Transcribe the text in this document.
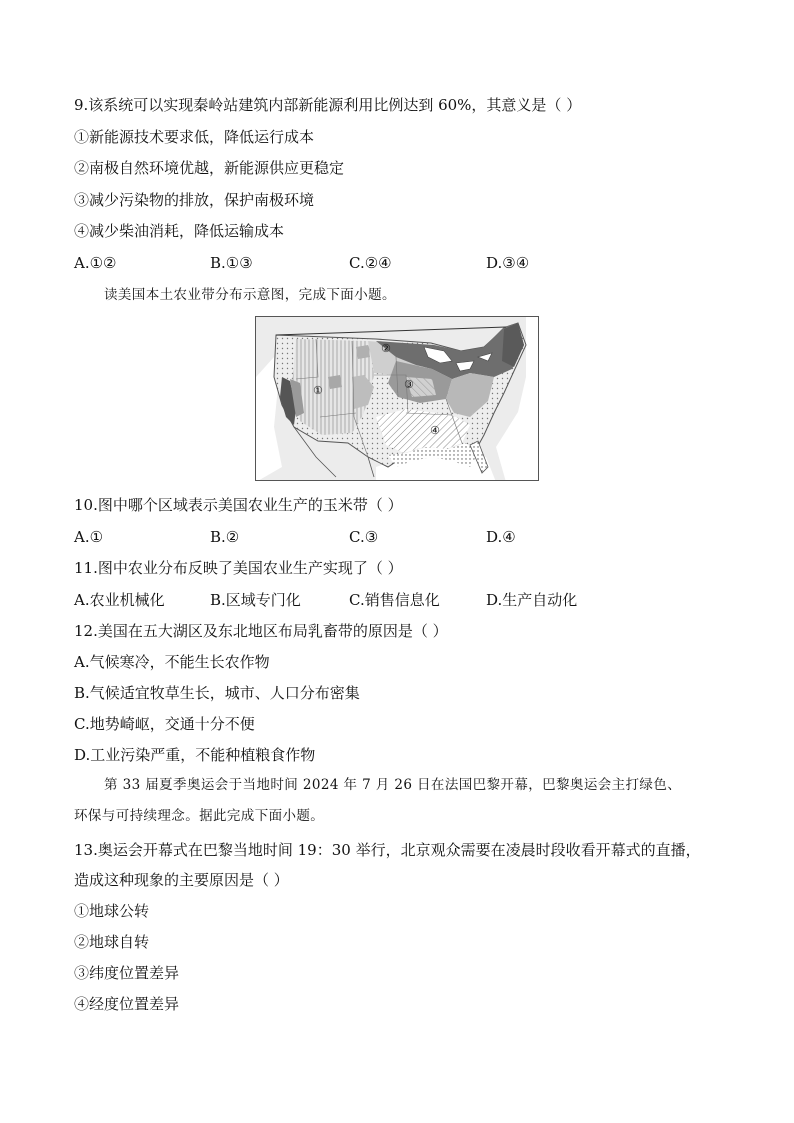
9.该系统可以实现秦岭站建筑内部新能源利用比例达到 60%，其意义是（ ）
①新能源技术要求低，降低运行成本
②南极自然环境优越，新能源供应更稳定
③减少污染物的排放，保护南极环境
④减少柴油消耗，降低运输成本
A.①②	B.①③	C.②④	D.③④
读美国本土农业带分布示意图，完成下面小题。
①
②
③
④
10.图中哪个区域表示美国农业生产的玉米带（ ）
A.①	B.②	C.③	D.④
11.图中农业分布反映了美国农业生产实现了（ ）
A.农业机械化	B.区域专门化	C.销售信息化	D.生产自动化
12.美国在五大湖区及东北地区布局乳畜带的原因是（ ）
A.气候寒冷，不能生长农作物
B.气候适宜牧草生长，城市、人口分布密集
C.地势崎岖，交通十分不便
D.工业污染严重，不能种植粮食作物
第 33 届夏季奥运会于当地时间 2024 年 7 月 26 日在法国巴黎开幕，巴黎奥运会主打绿色、
环保与可持续理念。据此完成下面小题。
13.奥运会开幕式在巴黎当地时间 19：30 举行，北京观众需要在凌晨时段收看开幕式的直播，
造成这种现象的主要原因是（ ）
①地球公转
②地球自转
③纬度位置差异
④经度位置差异
